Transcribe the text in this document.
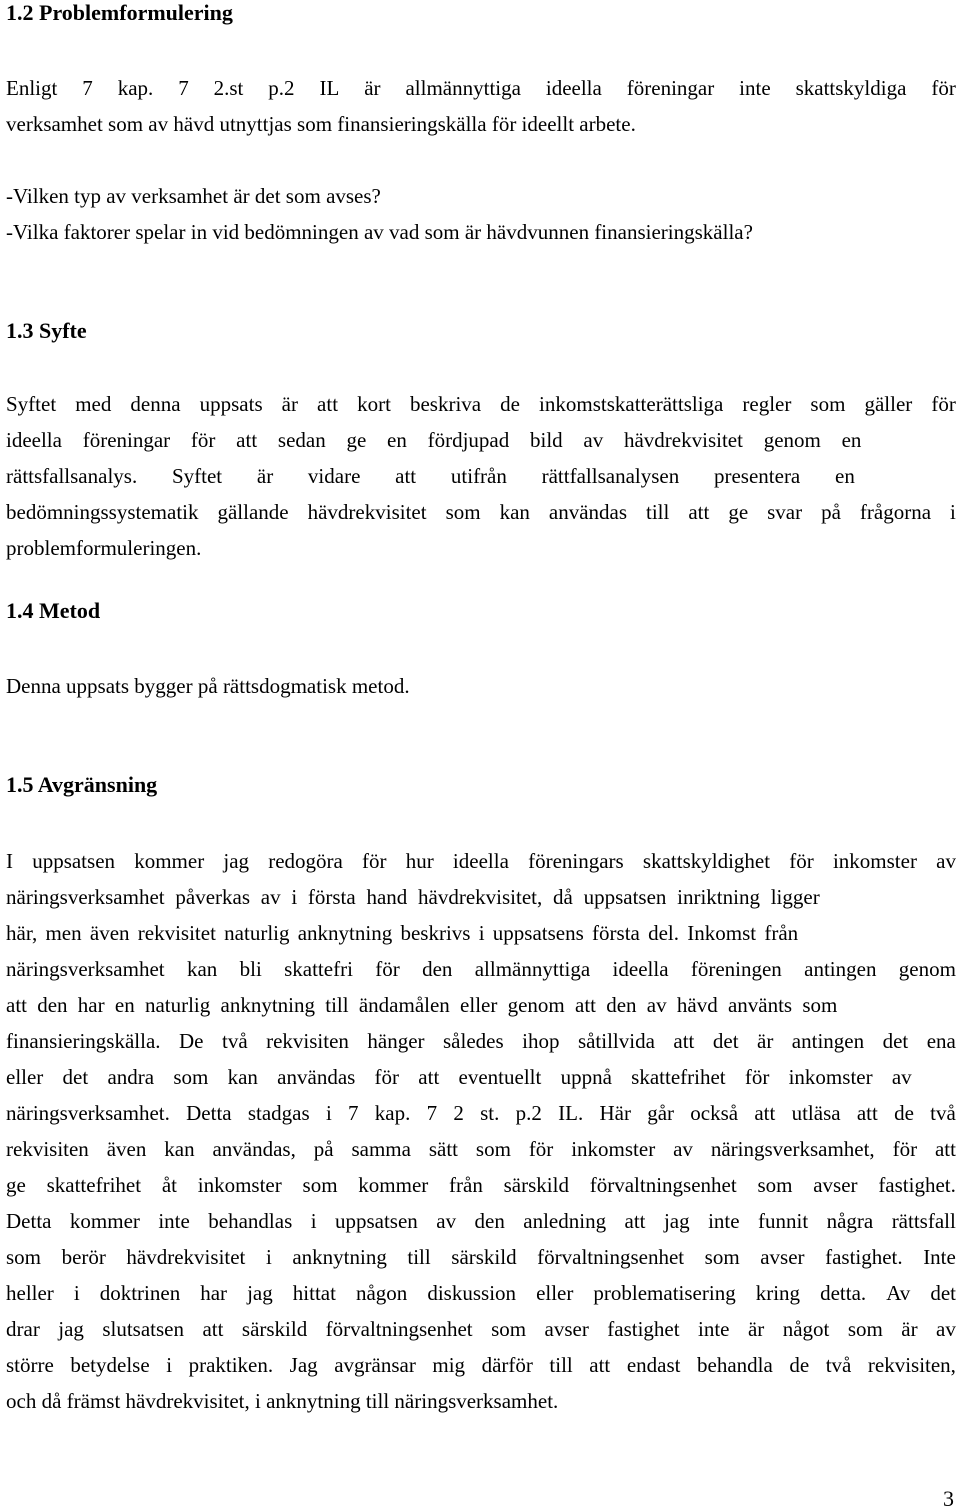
1.2 Problemformulering
Enligt 7 kap. 7 2.st p.2 IL är allmännyttiga ideella föreningar inte skattskyldiga för
verksamhet som av hävd utnyttjas som finansieringskälla för ideellt arbete.
-Vilken typ av verksamhet är det som avses?
-Vilka faktorer spelar in vid bedömningen av vad som är hävdvunnen finansieringskälla?
1.3 Syfte
Syftet med denna uppsats är att kort beskriva de inkomstskatterättsliga regler som gäller för
ideella föreningar för att sedan ge en fördjupad bild av hävdrekvisitet genom en
rättsfallsanalys. Syftet är vidare att utifrån rättfallsanalysen presentera en
bedömningssystematik gällande hävdrekvisitet som kan användas till att ge svar på frågorna i
problemformuleringen.
1.4 Metod
Denna uppsats bygger på rättsdogmatisk metod.
1.5 Avgränsning
I uppsatsen kommer jag redogöra för hur ideella föreningars skattskyldighet för inkomster av
näringsverksamhet påverkas av i första hand hävdrekvisitet, då uppsatsen inriktning ligger
här, men även rekvisitet naturlig anknytning beskrivs i uppsatsens första del. Inkomst från
näringsverksamhet kan bli skattefri för den allmännyttiga ideella föreningen antingen genom
att den har en naturlig anknytning till ändamålen eller genom att den av hävd använts som
finansieringskälla. De två rekvisiten hänger således ihop såtillvida att det är antingen det ena
eller det andra som kan användas för att eventuellt uppnå skattefrihet för inkomster av
näringsverksamhet. Detta stadgas i 7 kap. 7 2 st. p.2 IL. Här går också att utläsa att de två
rekvisiten även kan användas, på samma sätt som för inkomster av näringsverksamhet, för att
ge skattefrihet åt inkomster som kommer från särskild förvaltningsenhet som avser fastighet.
Detta kommer inte behandlas i uppsatsen av den anledning att jag inte funnit några rättsfall
som berör hävdrekvisitet i anknytning till särskild förvaltningsenhet som avser fastighet. Inte
heller i doktrinen har jag hittat någon diskussion eller problematisering kring detta. Av det
drar jag slutsatsen att särskild förvaltningsenhet som avser fastighet inte är något som är av
större betydelse i praktiken. Jag avgränsar mig därför till att endast behandla de två rekvisiten,
och då främst hävdrekvisitet, i anknytning till näringsverksamhet.
3
